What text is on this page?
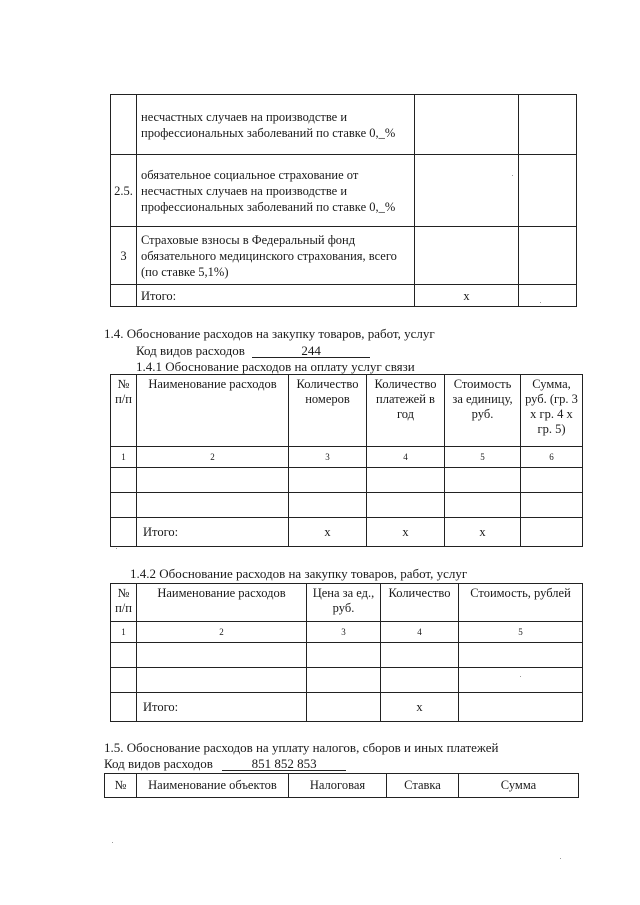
	несчастных случаев на производстве и профессиональных заболеваний по ставке 0,_%		
2.5.	обязательное социальное страхование от несчастных случаев на производстве и профессиональных заболеваний по ставке 0,_%		
3	Страховые взносы в Федеральный фонд обязательного медицинского страхования, всего (по ставке 5,1%)		
	Итого:	х	
1.4. Обоснование расходов на закупку товаров, работ, услуг
Код видов расходов	244
1.4.1 Обоснование расходов на оплату услуг связи
№ п/п	Наименование расходов	Количество номеров	Количество платежей в год	Стоимость за единицу, руб.	Сумма, руб. (гр. 3 х гр. 4 х гр. 5)
1	2	3	4	5	6

	Итого:	х	х	х	
1.4.2 Обоснование расходов на закупку товаров, работ, услуг
№ п/п	Наименование расходов	Цена за ед., руб.	Количество	Стоимость, рублей
1	2	3	4	5

	Итого:		х	
1.5. Обоснование расходов на уплату налогов, сборов и иных платежей
Код видов расходов	851 852 853
№	Наименование объектов	Налоговая	Ставка	Сумма
